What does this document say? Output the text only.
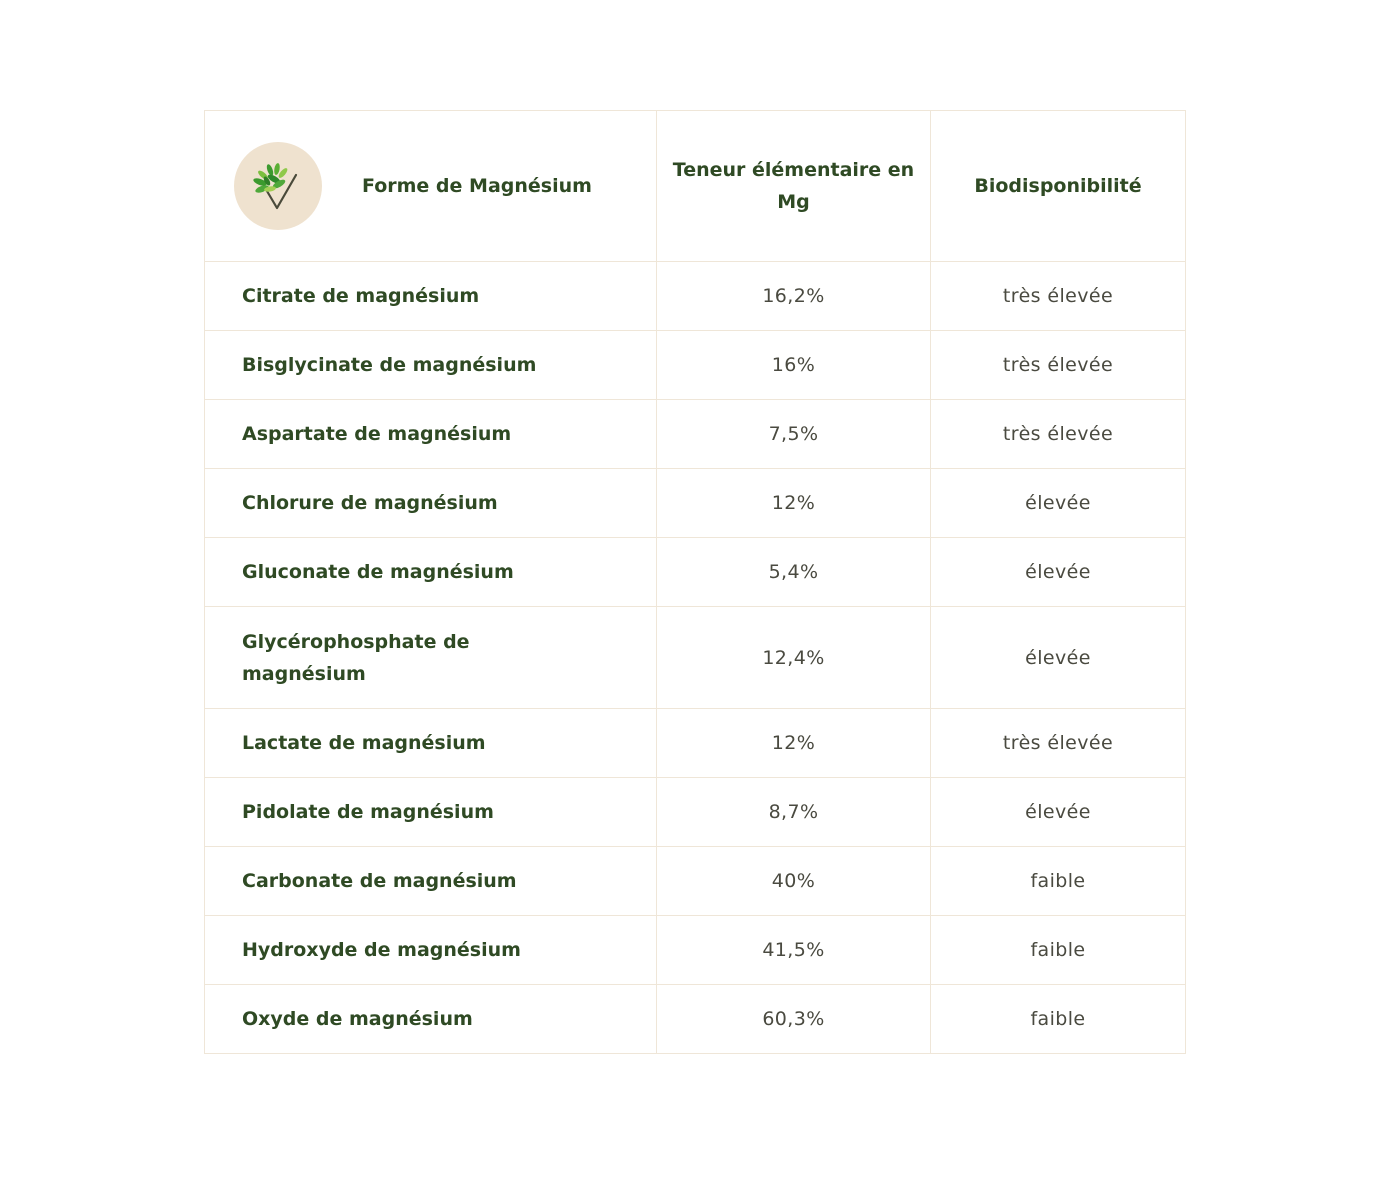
Forme de Magnésium	Teneur élémentaire en Mg	Biodisponibilité
Citrate de magnésium	16,2%	très élevée
Bisglycinate de magnésium	16%	très élevée
Aspartate de magnésium	7,5%	très élevée
Chlorure de magnésium	12%	élevée
Gluconate de magnésium	5,4%	élevée
Glycérophosphate de magnésium	12,4%	élevée
Lactate de magnésium	12%	très élevée
Pidolate de magnésium	8,7%	élevée
Carbonate de magnésium	40%	faible
Hydroxyde de magnésium	41,5%	faible
Oxyde de magnésium	60,3%	faible
